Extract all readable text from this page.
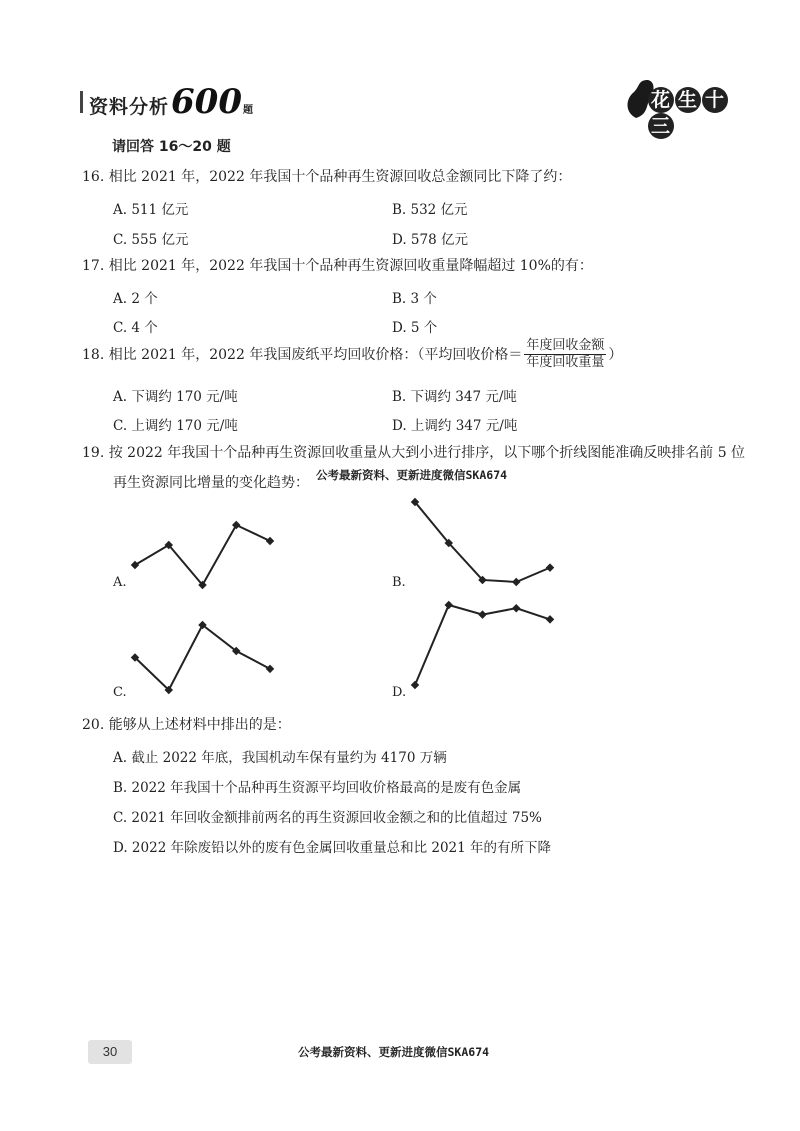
资料分析 600 题	花 生 十三
请回答 16～20 题
16. 相比 2021 年，2022 年我国十个品种再生资源回收总金额同比下降了约：
A. 511 亿元	B. 532 亿元
C. 555 亿元	D. 578 亿元
17. 相比 2021 年，2022 年我国十个品种再生资源回收重量降幅超过 10%的有：
A. 2 个	B. 3 个
C. 4 个	D. 5 个
18.
相比 2021 年，2022 年我国废纸平均回收价格：（平均回收价格＝ $\frac{\text{年度回收金额}}{\text{年度回收重量}}$ ）
A. 下调约 170 元/吨	B. 下调约 347 元/吨
C. 上调约 170 元/吨	D. 上调约 347 元/吨
19. 按 2022 年我国十个品种再生资源回收重量从大到小进行排序，以下哪个折线图能准确反映排名前 5 位
再生资源同比增量的变化趋势： 公考最新资料、更新进度微信SKA674
A.	B.
C.	D.
20. 能够从上述材料中排出的是：
A. 截止 2022 年底，我国机动车保有量约为 4170 万辆
B. 2022 年我国十个品种再生资源平均回收价格最高的是废有色金属
C. 2021 年回收金额排前两名的再生资源回收金额之和的比值超过 75%
D. 2022 年除废铅以外的废有色金属回收重量总和比 2021 年的有所下降
30	公考最新资料、更新进度微信SKA674
